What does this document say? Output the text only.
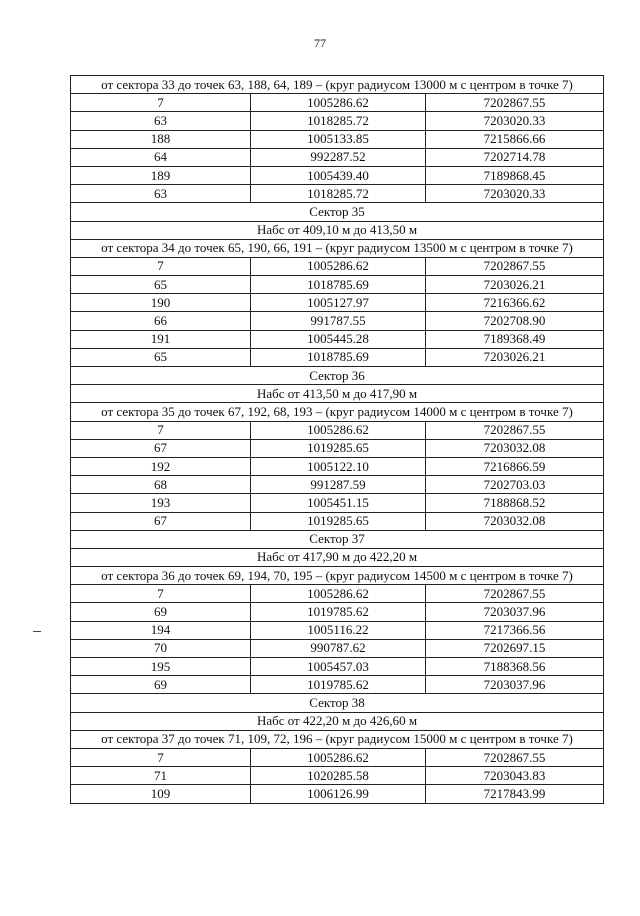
77
от сектора 33 до точек 63, 188, 64, 189 – (круг радиусом 13000 м с центром в точке 7)		
7	1005286.62	7202867.55
63	1018285.72	7203020.33
188	1005133.85	7215866.66
64	992287.52	7202714.78
189	1005439.40	7189868.45
63	1018285.72	7203020.33
Сектор 35		
Набс от 409,10 м до 413,50 м		
от сектора 34 до точек 65, 190, 66, 191 – (круг радиусом 13500 м с центром в точке 7)		
7	1005286.62	7202867.55
65	1018785.69	7203026.21
190	1005127.97	7216366.62
66	991787.55	7202708.90
191	1005445.28	7189368.49
65	1018785.69	7203026.21
Сектор 36		
Набс от 413,50 м до 417,90 м		
от сектора 35 до точек 67, 192, 68, 193 – (круг радиусом 14000 м с центром в точке 7)		
7	1005286.62	7202867.55
67	1019285.65	7203032.08
192	1005122.10	7216866.59
68	991287.59	7202703.03
193	1005451.15	7188868.52
67	1019285.65	7203032.08
Сектор 37		
Набс от 417,90 м до 422,20 м		
от сектора 36 до точек 69, 194, 70, 195 – (круг радиусом 14500 м с центром в точке 7)		
7	1005286.62	7202867.55
69	1019785.62	7203037.96
194	1005116.22	7217366.56
70	990787.62	7202697.15
195	1005457.03	7188368.56
69	1019785.62	7203037.96
Сектор 38		
Набс от 422,20 м до 426,60 м		
от сектора 37 до точек 71, 109, 72, 196 – (круг радиусом 15000 м с центром в точке 7)		
7	1005286.62	7202867.55
71	1020285.58	7203043.83
109	1006126.99	7217843.99
